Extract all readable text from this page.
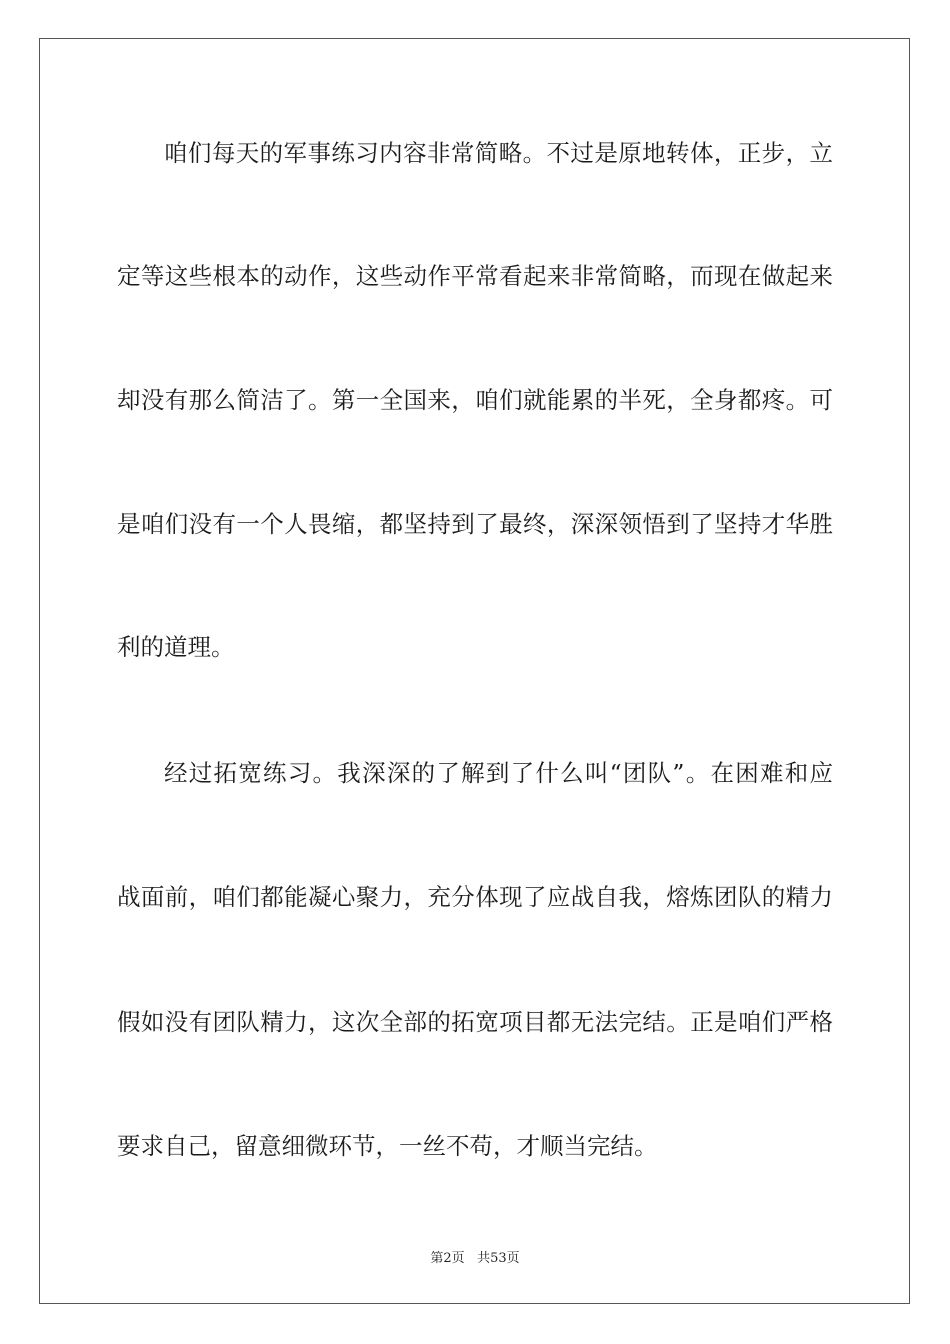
咱们每天的军事练习内容非常简略。不过是原地转体，正步，立
定等这些根本的动作，这些动作平常看起来非常简略，而现在做起来
却没有那么简洁了。第一全国来，咱们就能累的半死，全身都疼。可
是咱们没有一个人畏缩，都坚持到了最终，深深领悟到了坚持才华胜
利的道理。
经过拓宽练习。我深深的了解到了什么叫“团队”。在困难和应
战面前，咱们都能凝心聚力，充分体现了应战自我，熔炼团队的精力
假如没有团队精力，这次全部的拓宽项目都无法完结。正是咱们严格
要求自己，留意细微环节，一丝不苟，才顺当完结。
第2页 共53页
